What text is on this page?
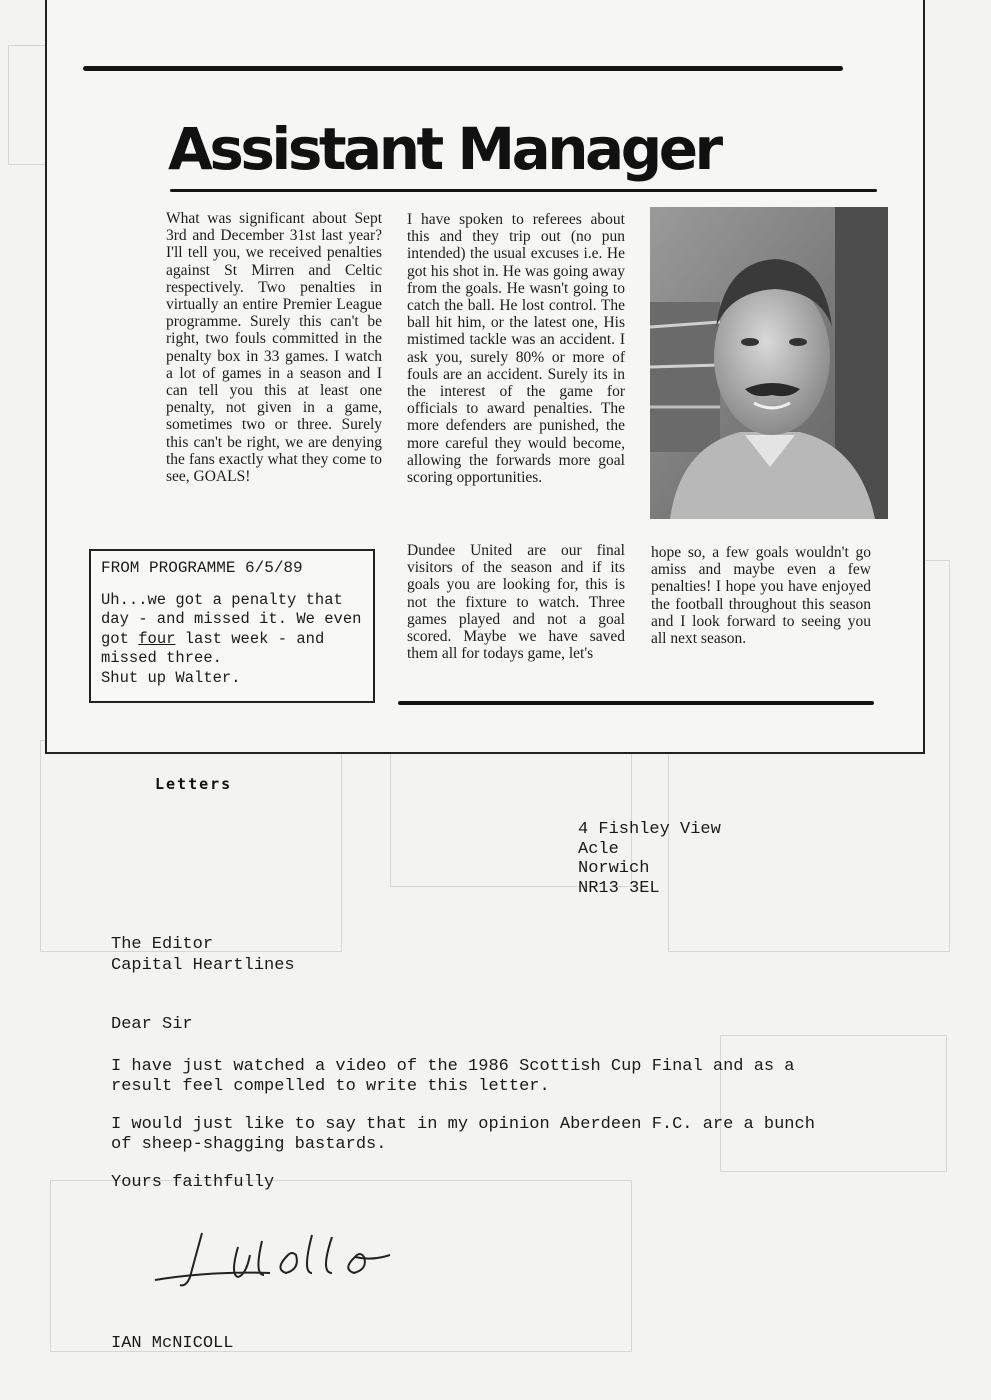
Assistant Manager

What was significant about Sept 3rd and December 31st last year? I'll tell you, we received penalties against St Mirren and Celtic respectively. Two penalties in virtually an entire Premier League programme. Surely this can't be right, two fouls committed in the penalty box in 33 games. I watch a lot of games in a season and I can tell you this at least one penalty, not given in a game, sometimes two or three. Surely this can't be right, we are denying the fans exactly what they come to see, GOALS!

I have spoken to referees about this and they trip out (no pun intended) the usual excuses i.e. He got his shot in. He was going away from the goals. He wasn't going to catch the ball. He lost control. The ball hit him, or the latest one, His mistimed tackle was an accident. I ask you, surely 80% or more of fouls are an accident. Surely its in the interest of the game for officials to award penalties. The more defenders are punished, the more careful they would become, allowing the forwards more goal scoring opportunities.

Dundee United are our final visitors of the season and if its goals you are looking for, this is not the fixture to watch. Three games played and not a goal scored. Maybe we have saved them all for todays game, let's

hope so, a few goals wouldn't go amiss and maybe even a few penalties! I hope you have enjoyed the football throughout this season and I look forward to seeing you all next season.

FROM PROGRAMME 6/5/89

Uh...we got a penalty that day - and missed it. We even got four last week - and missed three.

Shut up Walter.

Letters

4 Fishley View

Acle

Norwich

NR13 3EL

The Editor

Capital Heartlines

Dear Sir

I have just watched a video of the 1986 Scottish Cup Final and as a result feel compelled to write this letter.

I would just like to say that in my opinion Aberdeen F.C. are a bunch of sheep-shagging bastards.

Yours faithfully

IAN McNICOLL
